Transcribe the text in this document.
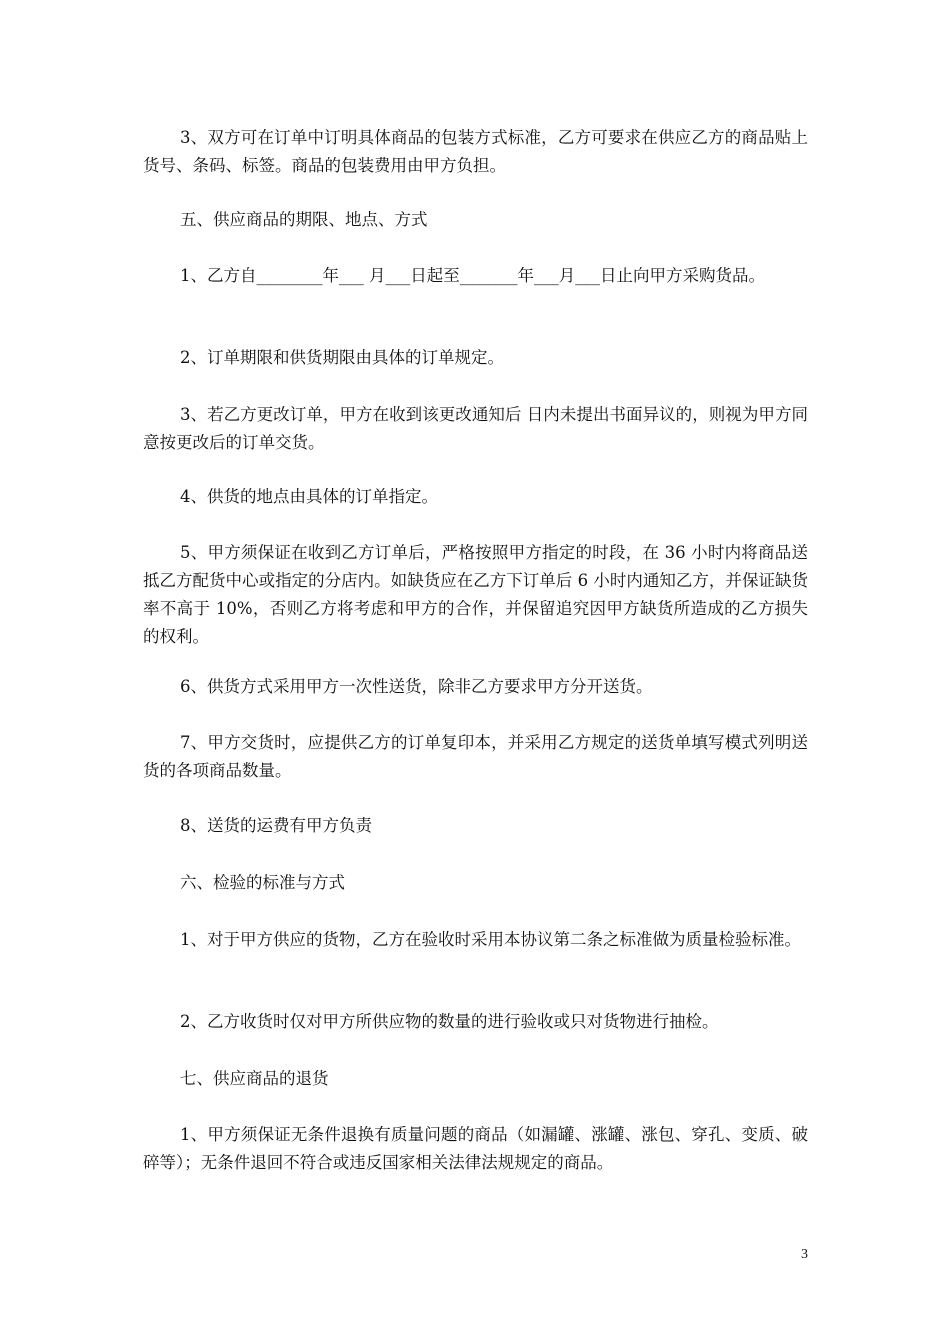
3、双方可在订单中订明具体商品的包装方式标准，乙方可要求在供应乙方的商品贴上货号、条码、标签。商品的包装费用由甲方负担。

五、供应商品的期限、地点、方式

1、乙方自________年___ 月___日起至_______年___月___日止向甲方采购货品。

2、订单期限和供货期限由具体的订单规定。

3、若乙方更改订单，甲方在收到该更改通知后 日内未提出书面异议的，则视为甲方同意按更改后的订单交货。

4、供货的地点由具体的订单指定。

5、甲方须保证在收到乙方订单后，严格按照甲方指定的时段，在 36 小时内将商品送抵乙方配货中心或指定的分店内。如缺货应在乙方下订单后 6 小时内通知乙方，并保证缺货率不高于 10%，否则乙方将考虑和甲方的合作，并保留追究因甲方缺货所造成的乙方损失的权利。

6、供货方式采用甲方一次性送货，除非乙方要求甲方分开送货。

7、甲方交货时，应提供乙方的订单复印本，并采用乙方规定的送货单填写模式列明送货的各项商品数量。

8、送货的运费有甲方负责

六、检验的标准与方式

1、对于甲方供应的货物，乙方在验收时采用本协议第二条之标准做为质量检验标准。

2、乙方收货时仅对甲方所供应物的数量的进行验收或只对货物进行抽检。

七、供应商品的退货

1、甲方须保证无条件退换有质量问题的商品（如漏罐、涨罐、涨包、穿孔、变质、破碎等）；无条件退回不符合或违反国家相关法律法规规定的商品。

3
